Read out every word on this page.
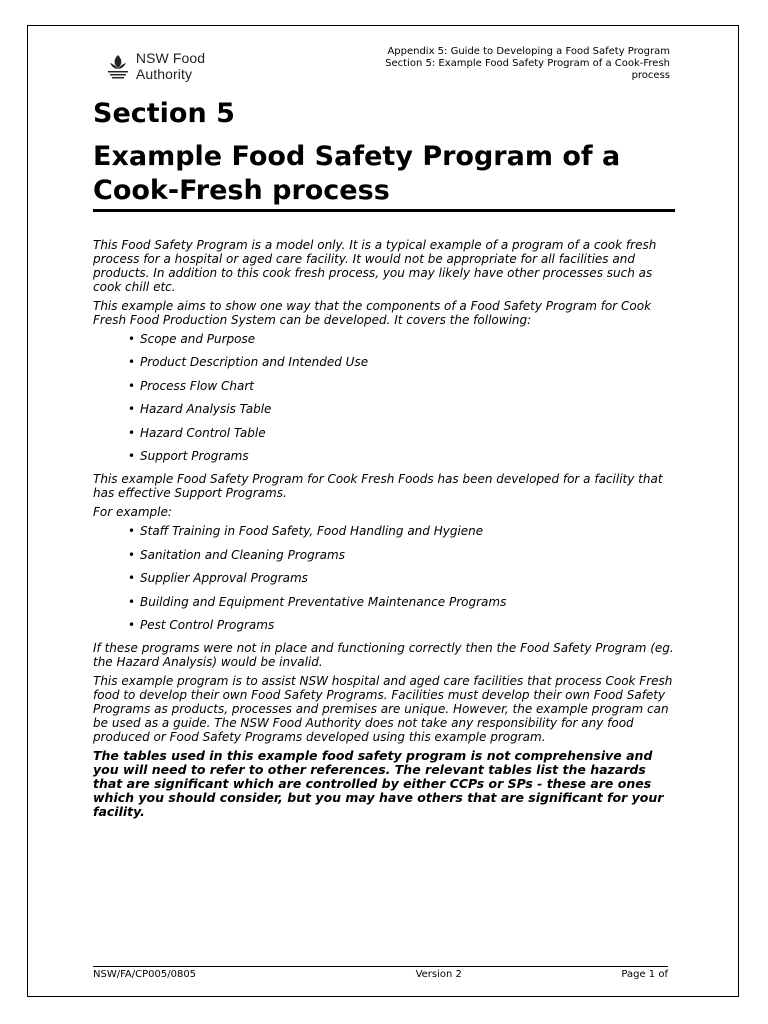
NSW Food Authority
Appendix 5: Guide to Developing a Food Safety Program
Section 5: Example Food Safety Program of a Cook-Fresh
process
Section 5
Example Food Safety Program of a Cook-Fresh process

This Food Safety Program is a model only. It is a typical example of a program of a cook fresh process for a hospital or aged care facility. It would not be appropriate for all facilities and products. In addition to this cook fresh process, you may likely have other processes such as cook chill etc.

This example aims to show one way that the components of a Food Safety Program for Cook Fresh Food Production System can be developed. It covers the following:

• Scope and Purpose
• Product Description and Intended Use
• Process Flow Chart
• Hazard Analysis Table
• Hazard Control Table
• Support Programs

This example Food Safety Program for Cook Fresh Foods has been developed for a facility that has effective Support Programs.

For example:

• Staff Training in Food Safety, Food Handling and Hygiene
• Sanitation and Cleaning Programs
• Supplier Approval Programs
• Building and Equipment Preventative Maintenance Programs
• Pest Control Programs

If these programs were not in place and functioning correctly then the Food Safety Program (eg. the Hazard Analysis) would be invalid.

This example program is to assist NSW hospital and aged care facilities that process Cook Fresh food to develop their own Food Safety Programs. Facilities must develop their own Food Safety Programs as products, processes and premises are unique. However, the example program can be used as a guide. The NSW Food Authority does not take any responsibility for any food produced or Food Safety Programs developed using this example program.

The tables used in this example food safety program is not comprehensive and you will need to refer to other references. The relevant tables list the hazards that are significant which are controlled by either CCPs or SPs - these are ones which you should consider, but you may have others that are significant for your facility.

NSW/FA/CP005/0805	Version 2	Page 1 of
